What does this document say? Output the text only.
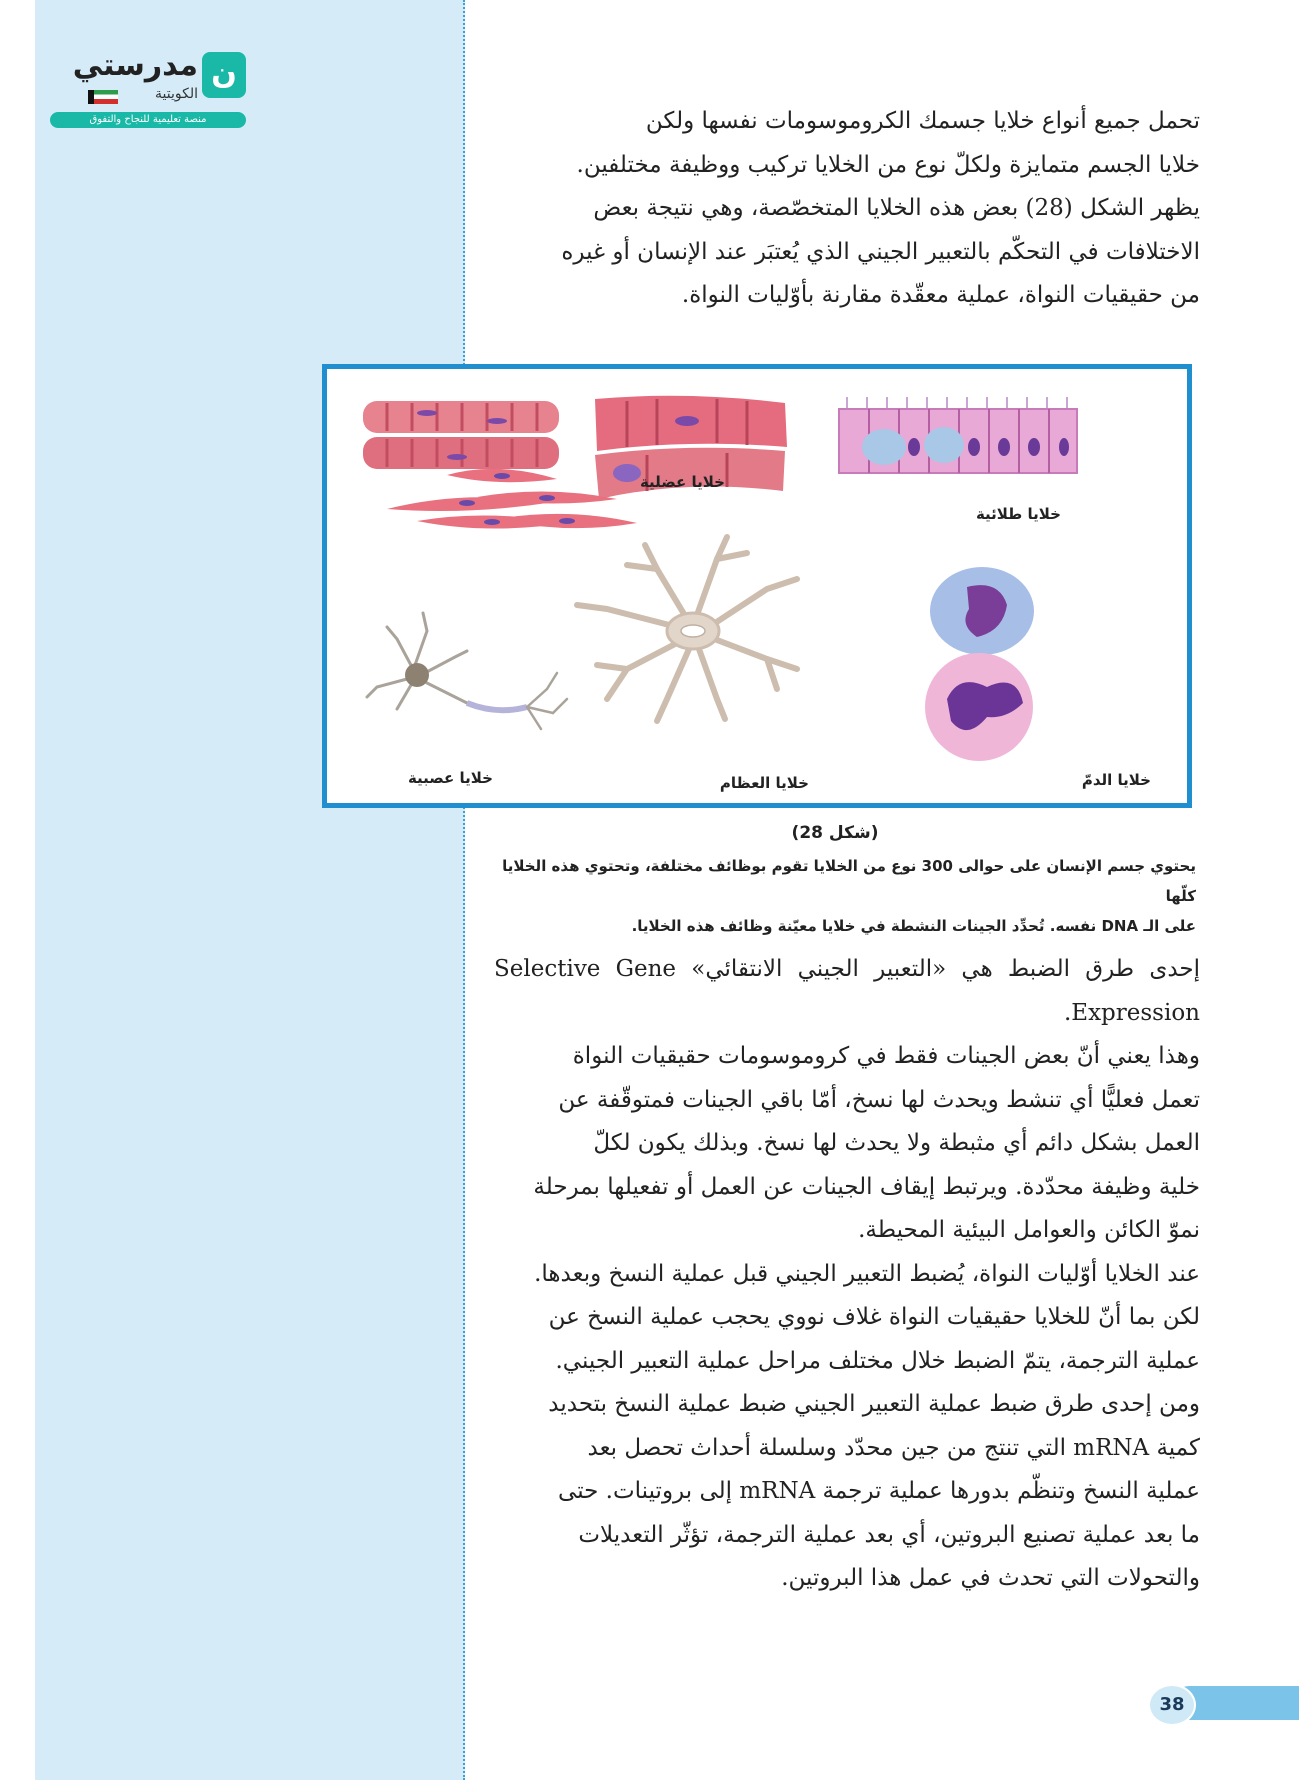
ن
مدرستي
الكويتية
منصة تعليمية للنجاح والتفوق	تحمل جميع أنواع خلايا جسمك الكروموسومات نفسها ولكن

خلايا الجسم متمايزة ولكلّ نوع من الخلايا تركيب ووظيفة مختلفين.

يظهر الشكل (28) بعض هذه الخلايا المتخصّصة، وهي نتيجة بعض

الاختلافات في التحكّم بالتعبير الجيني الذي يُعتبَر عند الإنسان أو غيره

من حقيقيات النواة، عملية معقّدة مقارنة بأوّليات النواة.

خلايا عضلية
خلايا طلائية
خلايا عصبية	خلايا العظام	خلايا الدمّ
(شكل 28)

يحتوي جسم الإنسان على حوالى 300 نوع من الخلايا تقوم بوظائف مختلفة، وتحتوي هذه الخلايا كلّها

على الـ DNA نفسه. تُحدِّد الجينات النشطة في خلايا معيّنة وظائف هذه الخلايا.

إحدى طرق الضبط هي «التعبير الجيني الانتقائي» Selective Gene Expression.

وهذا يعني أنّ بعض الجينات فقط في كروموسومات حقيقيات النواة

تعمل فعليًّا أي تنشط ويحدث لها نسخ، أمّا باقي الجينات فمتوقّفة عن

العمل بشكل دائم أي مثبطة ولا يحدث لها نسخ. وبذلك يكون لكلّ

خلية وظيفة محدّدة. ويرتبط إيقاف الجينات عن العمل أو تفعيلها بمرحلة

نموّ الكائن والعوامل البيئية المحيطة.

عند الخلايا أوّليات النواة، يُضبط التعبير الجيني قبل عملية النسخ وبعدها.

لكن بما أنّ للخلايا حقيقيات النواة غلاف نووي يحجب عملية النسخ عن

عملية الترجمة، يتمّ الضبط خلال مختلف مراحل عملية التعبير الجيني.

ومن إحدى طرق ضبط عملية التعبير الجيني ضبط عملية النسخ بتحديد

كمية mRNA التي تنتج من جين محدّد وسلسلة أحداث تحصل بعد

عملية النسخ وتنظّم بدورها عملية ترجمة mRNA إلى بروتينات. حتى

ما بعد عملية تصنيع البروتين، أي بعد عملية الترجمة، تؤثّر التعديلات

والتحولات التي تحدث في عمل هذا البروتين.

38
